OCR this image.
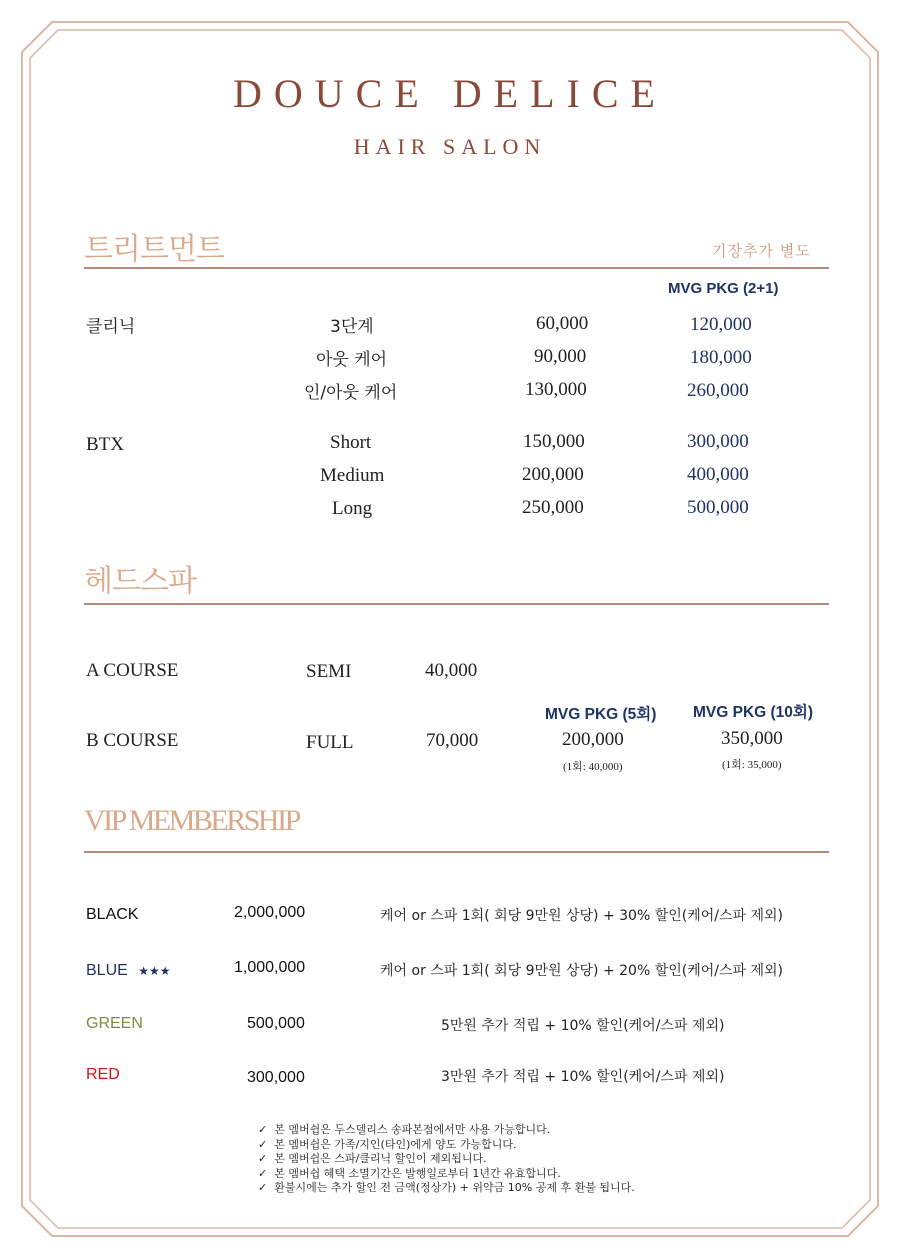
DOUCE DELICE
HAIR SALON
트리트먼트	기장추가 별도
MVG PKG (2+1)
클리닉	3단계	60,000	120,000
아웃 케어	90,000	180,000
인/아웃 케어	130,000	260,000
BTX	Short	150,000	300,000
Medium	200,000	400,000
Long	250,000	500,000
헤드스파
A COURSE	SEMI	40,000
MVG PKG (5회) MVG PKG (10회)
B COURSE	FULL	70,000	200,000	350,000
(1회: 40,000)	(1회: 35,000)
VIP MEMBERSHIP
BLACK	2,000,000	케어 or 스파 1회( 회당 9만원 상당) + 30% 할인(케어/스파 제외)
BLUE ★★★	1,000,000	케어 or 스파 1회( 회당 9만원 상당) + 20% 할인(케어/스파 제외)
GREEN	500,000	5만원 추가 적립 + 10% 할인(케어/스파 제외)
RED	300,000	3만원 추가 적립 + 10% 할인(케어/스파 제외)
✓ 본 멤버쉽은 두스델리스 송파본점에서만 사용 가능합니다.
✓ 본 멤버쉽은 가족/지인(타인)에게 양도 가능합니다.
✓ 본 멤버쉽은 스파/클리닉 할인이 제외됩니다.
✓ 본 멤버쉽 혜택 소멸기간은 발행일로부터 1년간 유효합니다.
✓ 환불시에는 추가 할인 전 금액(정상가) + 위약금 10% 공제 후 환불 됩니다.
